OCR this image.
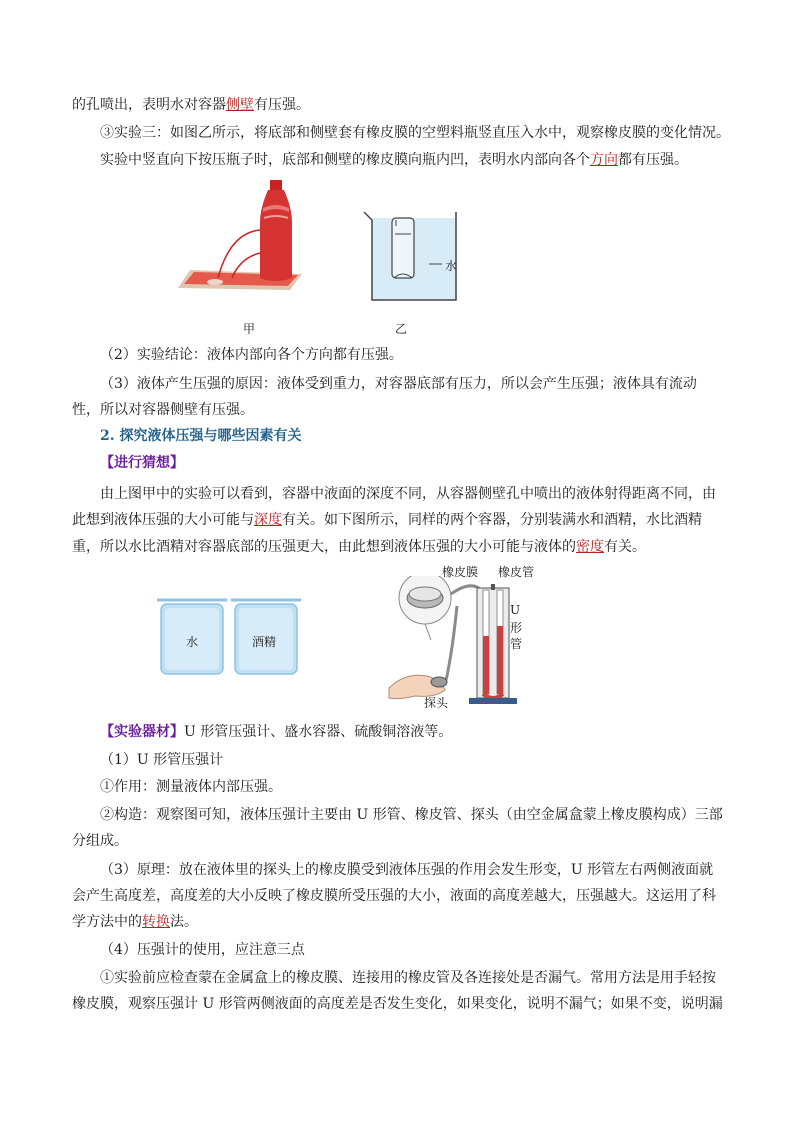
的孔喷出，表明水对容器侧壁有压强。
③实验三：如图乙所示，将底部和侧壁套有橡皮膜的空塑料瓶竖直压入水中，观察橡皮膜的变化情况。
实验中竖直向下按压瓶子时，底部和侧壁的橡皮膜向瓶内凹，表明水内部向各个方向都有压强。
水
甲	乙
（2）实验结论：液体内部向各个方向都有压强。
（3）液体产生压强的原因：液体受到重力，对容器底部有压力，所以会产生压强；液体具有流动
性，所以对容器侧壁有压强。
2. 探究液体压强与哪些因素有关
【进行猜想】
由上图甲中的实验可以看到，容器中液面的深度不同，从容器侧壁孔中喷出的液体射得距离不同，由
此想到液体压强的大小可能与深度有关。如下图所示，同样的两个容器，分别装满水和酒精，水比酒精
重，所以水比酒精对容器底部的压强更大，由此想到液体压强的大小可能与液体的密度有关。
水	酒精
橡皮膜 橡皮管
U
形
管
探头
【实验器材】U 形管压强计、盛水容器、硫酸铜溶液等。
（1）U 形管压强计
①作用：测量液体内部压强。
②构造：观察图可知，液体压强计主要由 U 形管、橡皮管、探头（由空金属盒蒙上橡皮膜构成）三部
分组成。
（3）原理：放在液体里的探头上的橡皮膜受到液体压强的作用会发生形变，U 形管左右两侧液面就
会产生高度差，高度差的大小反映了橡皮膜所受压强的大小，液面的高度差越大，压强越大。这运用了科
学方法中的转换法。
（4）压强计的使用，应注意三点
①实验前应检查蒙在金属盒上的橡皮膜、连接用的橡皮管及各连接处是否漏气。常用方法是用手轻按
橡皮膜，观察压强计 U 形管两侧液面的高度差是否发生变化，如果变化，说明不漏气；如果不变，说明漏
